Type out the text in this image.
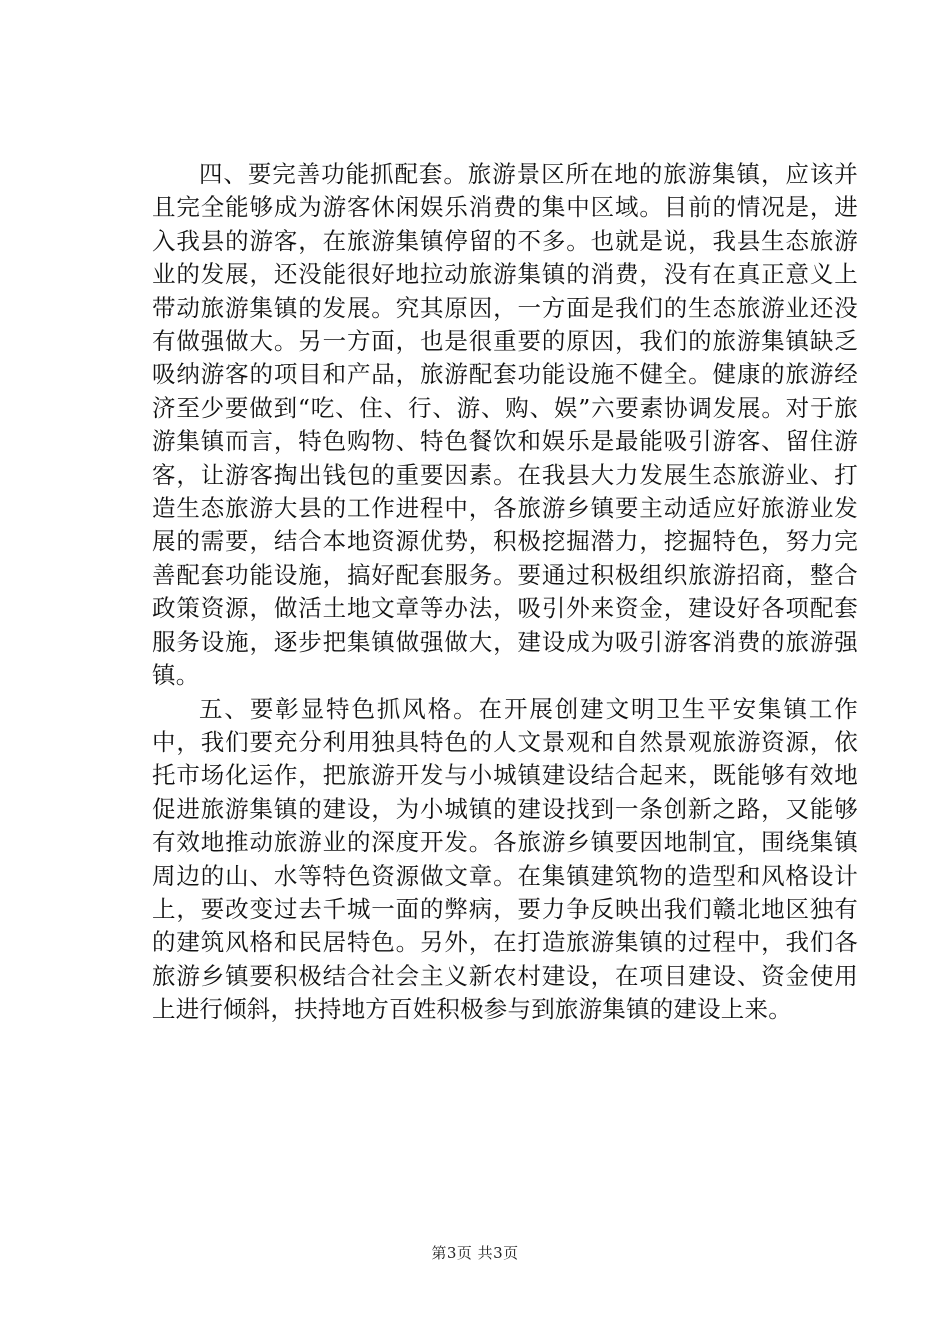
四、要完善功能抓配套。旅游景区所在地的旅游集镇，应该并且完全能够成为游客休闲娱乐消费的集中区域。目前的情况是，进入我县的游客，在旅游集镇停留的不多。也就是说，我县生态旅游业的发展，还没能很好地拉动旅游集镇的消费，没有在真正意义上带动旅游集镇的发展。究其原因，一方面是我们的生态旅游业还没有做强做大。另一方面，也是很重要的原因，我们的旅游集镇缺乏吸纳游客的项目和产品，旅游配套功能设施不健全。健康的旅游经济至少要做到“吃、住、行、游、购、娱”六要素协调发展。对于旅游集镇而言，特色购物、特色餐饮和娱乐是最能吸引游客、留住游客，让游客掏出钱包的重要因素。在我县大力发展生态旅游业、打造生态旅游大县的工作进程中，各旅游乡镇要主动适应好旅游业发展的需要，结合本地资源优势，积极挖掘潜力，挖掘特色，努力完善配套功能设施，搞好配套服务。要通过积极组织旅游招商，整合政策资源，做活土地文章等办法，吸引外来资金，建设好各项配套服务设施，逐步把集镇做强做大，建设成为吸引游客消费的旅游强镇。

五、要彰显特色抓风格。在开展创建文明卫生平安集镇工作中，我们要充分利用独具特色的人文景观和自然景观旅游资源，依托市场化运作，把旅游开发与小城镇建设结合起来，既能够有效地促进旅游集镇的建设，为小城镇的建设找到一条创新之路，又能够有效地推动旅游业的深度开发。各旅游乡镇要因地制宜，围绕集镇周边的山、水等特色资源做文章。在集镇建筑物的造型和风格设计上，要改变过去千城一面的弊病，要力争反映出我们赣北地区独有的建筑风格和民居特色。另外，在打造旅游集镇的过程中，我们各旅游乡镇要积极结合社会主义新农村建设，在项目建设、资金使用上进行倾斜，扶持地方百姓积极参与到旅游集镇的建设上来。

第3页 共3页
